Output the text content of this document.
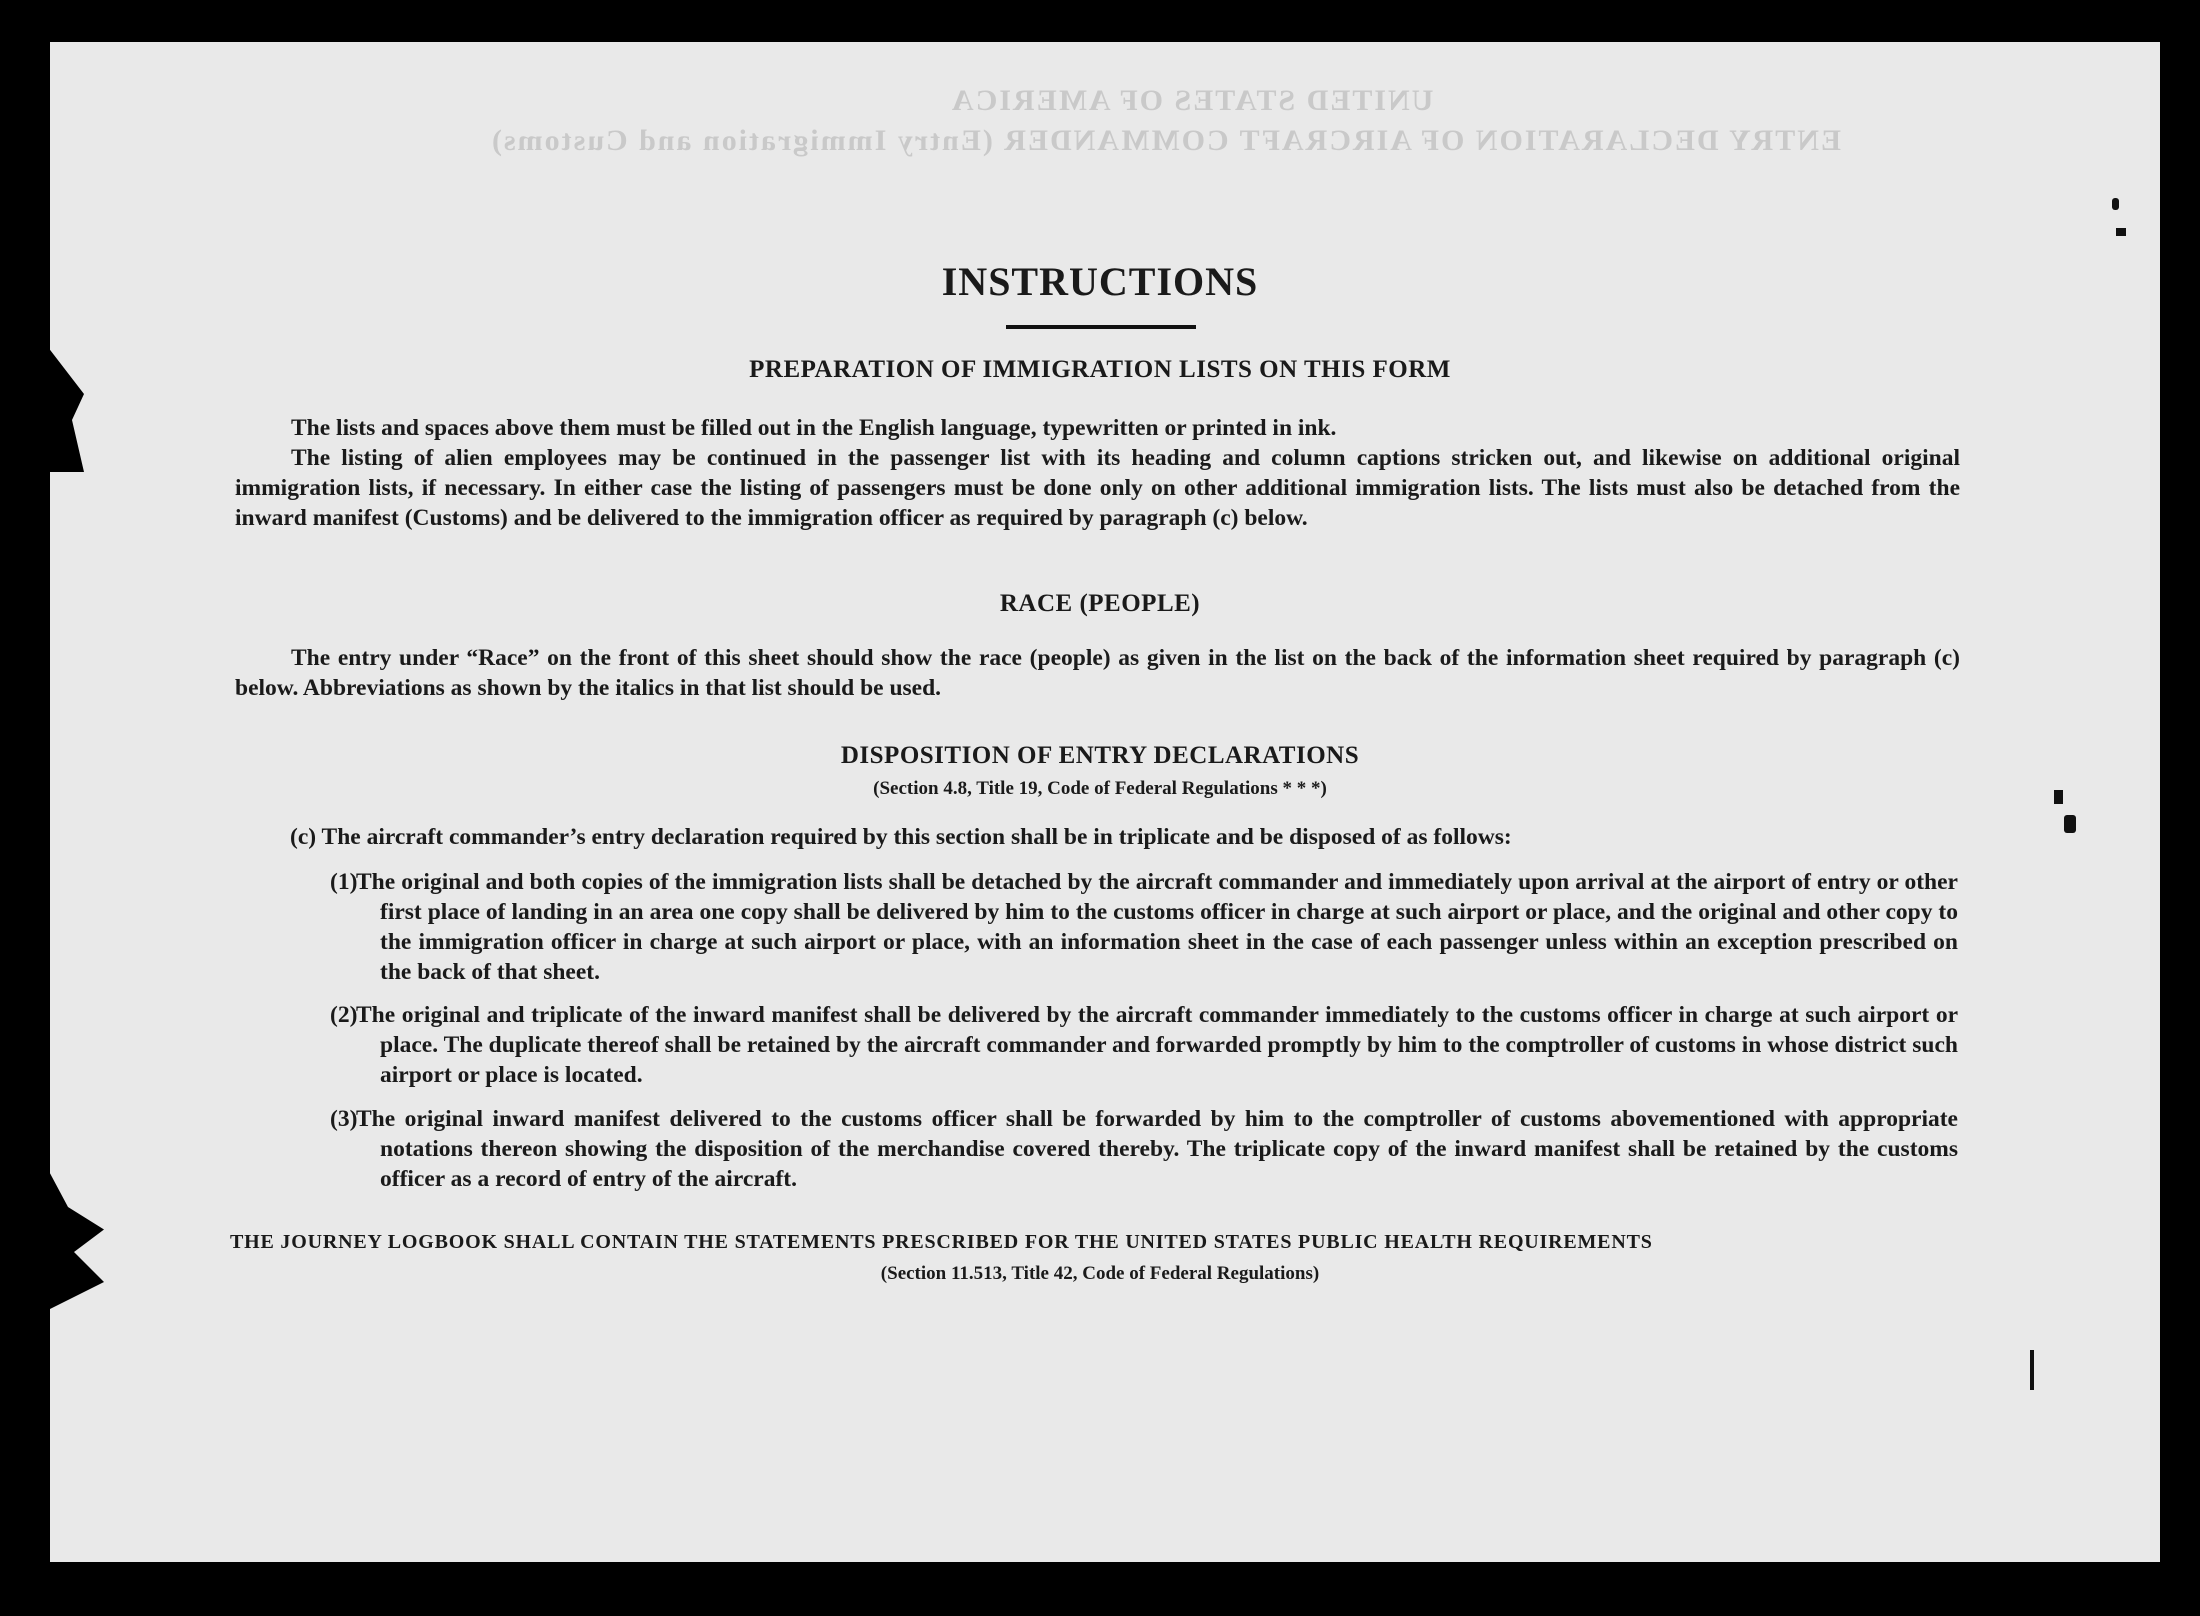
UNITED STATES OF AMERICA
ENTRY DECLARATION OF AIRCRAFT COMMANDER (Entry Immigration and Customs)
INSTRUCTIONS
PREPARATION OF IMMIGRATION LISTS ON THIS FORM

The lists and spaces above them must be filled out in the English language, typewritten or printed in ink.

The listing of alien employees may be continued in the passenger list with its heading and column captions stricken out, and likewise on additional original immigration lists, if necessary. In either case the listing of passengers must be done only on other additional immigration lists. The lists must also be detached from the inward manifest (Customs) and be delivered to the immigration officer as required by paragraph (c) below.

RACE (PEOPLE)

The entry under “Race” on the front of this sheet should show the race (people) as given in the list on the back of the information sheet required by paragraph (c) below. Abbreviations as shown by the italics in that list should be used.

DISPOSITION OF ENTRY DECLARATIONS
(Section 4.8, Title 19, Code of Federal Regulations * * *)
(c) The aircraft commander’s entry declaration required by this section shall be in triplicate and be disposed of as follows:
(1)
The original and both copies of the immigration lists shall be detached by the aircraft commander and immediately upon arrival at the airport of entry or other first place of landing in an area one copy shall be delivered by him to the customs officer in charge at such airport or place, and the original and other copy to the immigration officer in charge at such airport or place, with an information sheet in the case of each passenger unless within an exception prescribed on the back of that sheet.
(2)
The original and triplicate of the inward manifest shall be delivered by the aircraft commander immediately to the customs officer in charge at such airport or place. The duplicate thereof shall be retained by the aircraft commander and forwarded promptly by him to the comptroller of customs in whose district such airport or place is located.
(3)
The original inward manifest delivered to the customs officer shall be forwarded by him to the comptroller of customs abovementioned with appropriate notations thereon showing the disposition of the merchandise covered thereby. The triplicate copy of the inward manifest shall be retained by the customs officer as a record of entry of the aircraft.
THE JOURNEY LOGBOOK SHALL CONTAIN THE STATEMENTS PRESCRIBED FOR THE UNITED STATES PUBLIC HEALTH REQUIREMENTS
(Section 11.513, Title 42, Code of Federal Regulations)
